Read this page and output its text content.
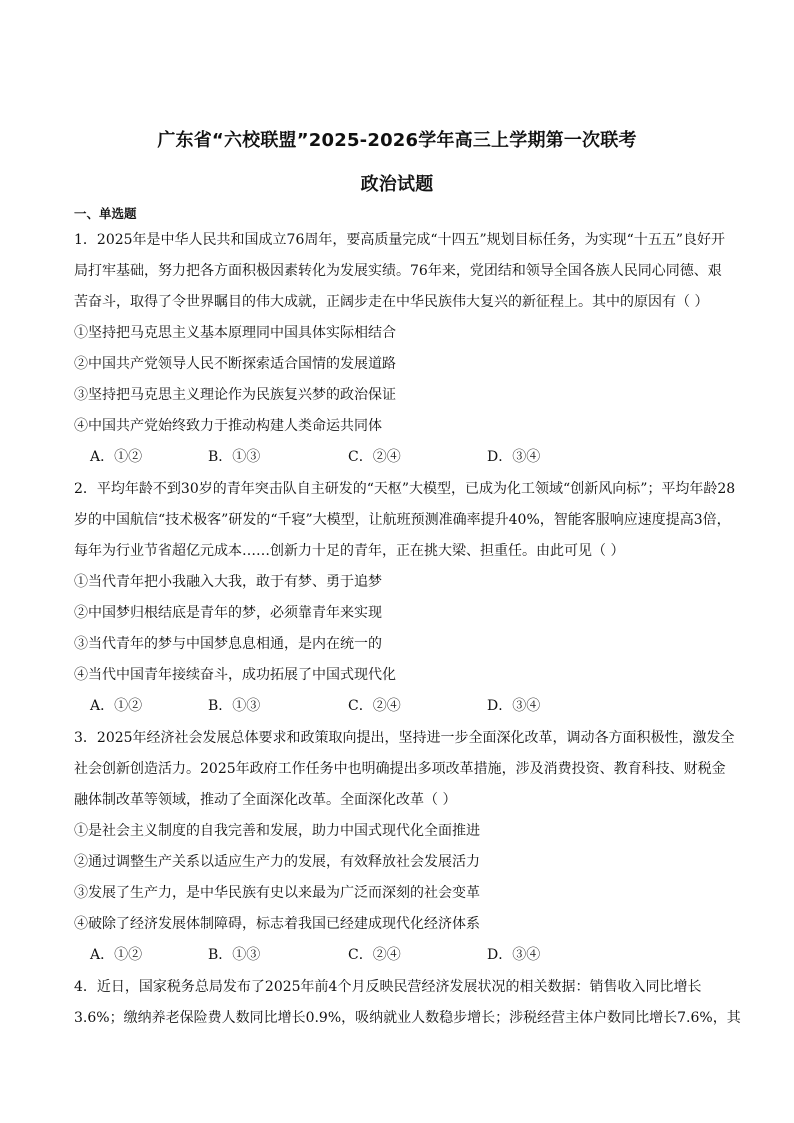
广东省“六校联盟”2025-2026学年高三上学期第一次联考
政治试题
一、单选题
1．2025年是中华人民共和国成立76周年，要高质量完成“十四五”规划目标任务，为实现“十五五”良好开
局打牢基础，努力把各方面积极因素转化为发展实绩。76年来，党团结和领导全国各族人民同心同德、艰
苦奋斗，取得了令世界瞩目的伟大成就，正阔步走在中华民族伟大复兴的新征程上。其中的原因有（ ）
①坚持把马克思主义基本原理同中国具体实际相结合
②中国共产党领导人民不断探索适合国情的发展道路
③坚持把马克思主义理论作为民族复兴梦的政治保证
④中国共产党始终致力于推动构建人类命运共同体
A．①②	B．①③	C．②④	D．③④
2．平均年龄不到30岁的青年突击队自主研发的“天枢”大模型，已成为化工领域“创新风向标”；平均年龄28
岁的中国航信“技术极客”研发的“千寝”大模型，让航班预测准确率提升40%，智能客服响应速度提高3倍，
每年为行业节省超亿元成本……创新力十足的青年，正在挑大梁、担重任。由此可见（ ）
①当代青年把小我融入大我，敢于有梦、勇于追梦
②中国梦归根结底是青年的梦，必须靠青年来实现
③当代青年的梦与中国梦息息相通，是内在统一的
④当代中国青年接续奋斗，成功拓展了中国式现代化
A．①②	B．①③	C．②④	D．③④
3．2025年经济社会发展总体要求和政策取向提出，坚持进一步全面深化改革，调动各方面积极性，激发全
社会创新创造活力。2025年政府工作任务中也明确提出多项改革措施，涉及消费投资、教育科技、财税金
融体制改革等领域，推动了全面深化改革。全面深化改革（ ）
①是社会主义制度的自我完善和发展，助力中国式现代化全面推进
②通过调整生产关系以适应生产力的发展，有效释放社会发展活力
③发展了生产力，是中华民族有史以来最为广泛而深刻的社会变革
④破除了经济发展体制障碍，标志着我国已经建成现代化经济体系
A．①②	B．①③	C．②④	D．③④
4．近日，国家税务总局发布了2025年前4个月反映民营经济发展状况的相关数据：销售收入同比增长
3.6%；缴纳养老保险费人数同比增长0.9%，吸纳就业人数稳步增长；涉税经营主体户数同比增长7.6%，其
